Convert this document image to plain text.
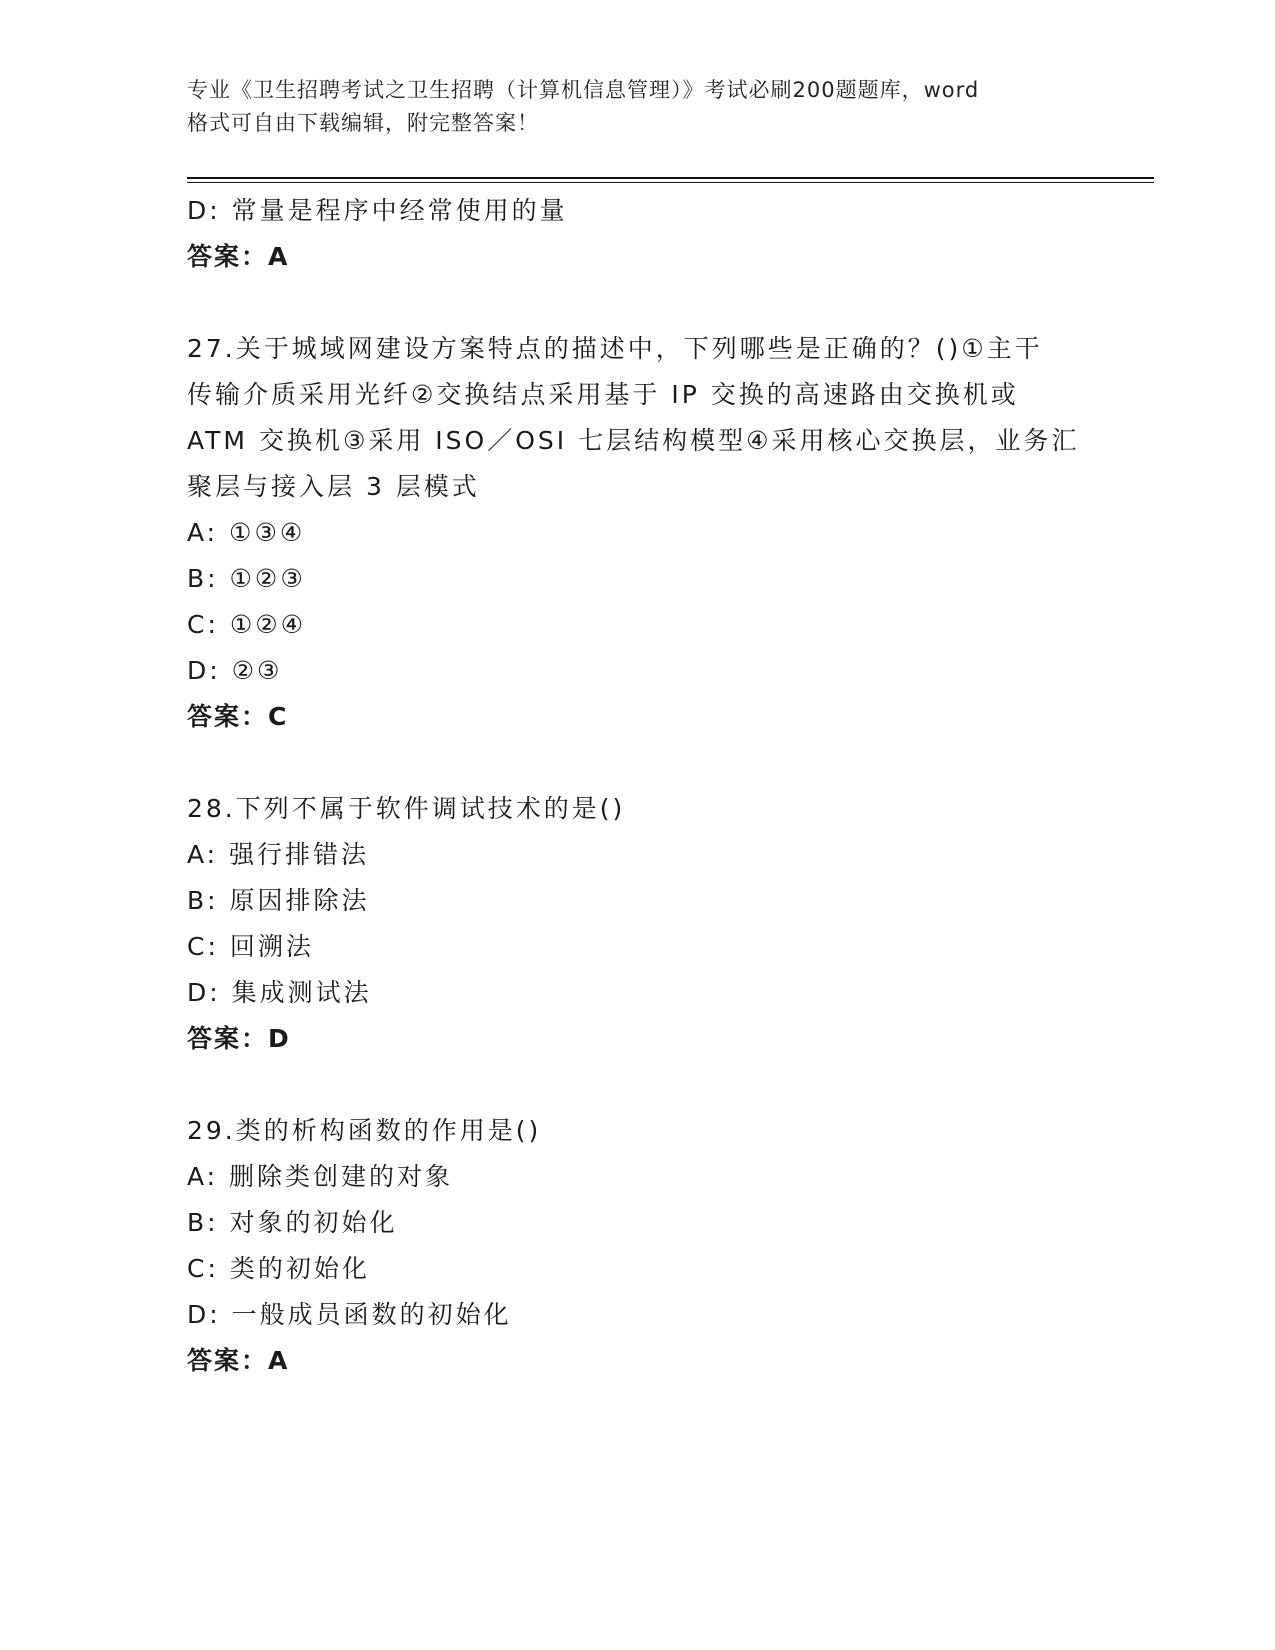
专业《卫生招聘考试之卫生招聘（计算机信息管理）》考试必刷200题题库，word
格式可自由下载编辑，附完整答案！
D: 常量是程序中经常使用的量
答案：A
27.关于城域网建设方案特点的描述中，下列哪些是正确的？()①主干
传输介质采用光纤②交换结点采用基于 IP 交换的高速路由交换机或
ATM 交换机③采用 ISO／OSI 七层结构模型④采用核心交换层，业务汇
聚层与接入层 3 层模式
A: ①③④
B: ①②③
C: ①②④
D: ②③
答案：C
28.下列不属于软件调试技术的是()
A: 强行排错法
B: 原因排除法
C: 回溯法
D: 集成测试法
答案：D
29.类的析构函数的作用是()
A: 删除类创建的对象
B: 对象的初始化
C: 类的初始化
D: 一般成员函数的初始化
答案：A
